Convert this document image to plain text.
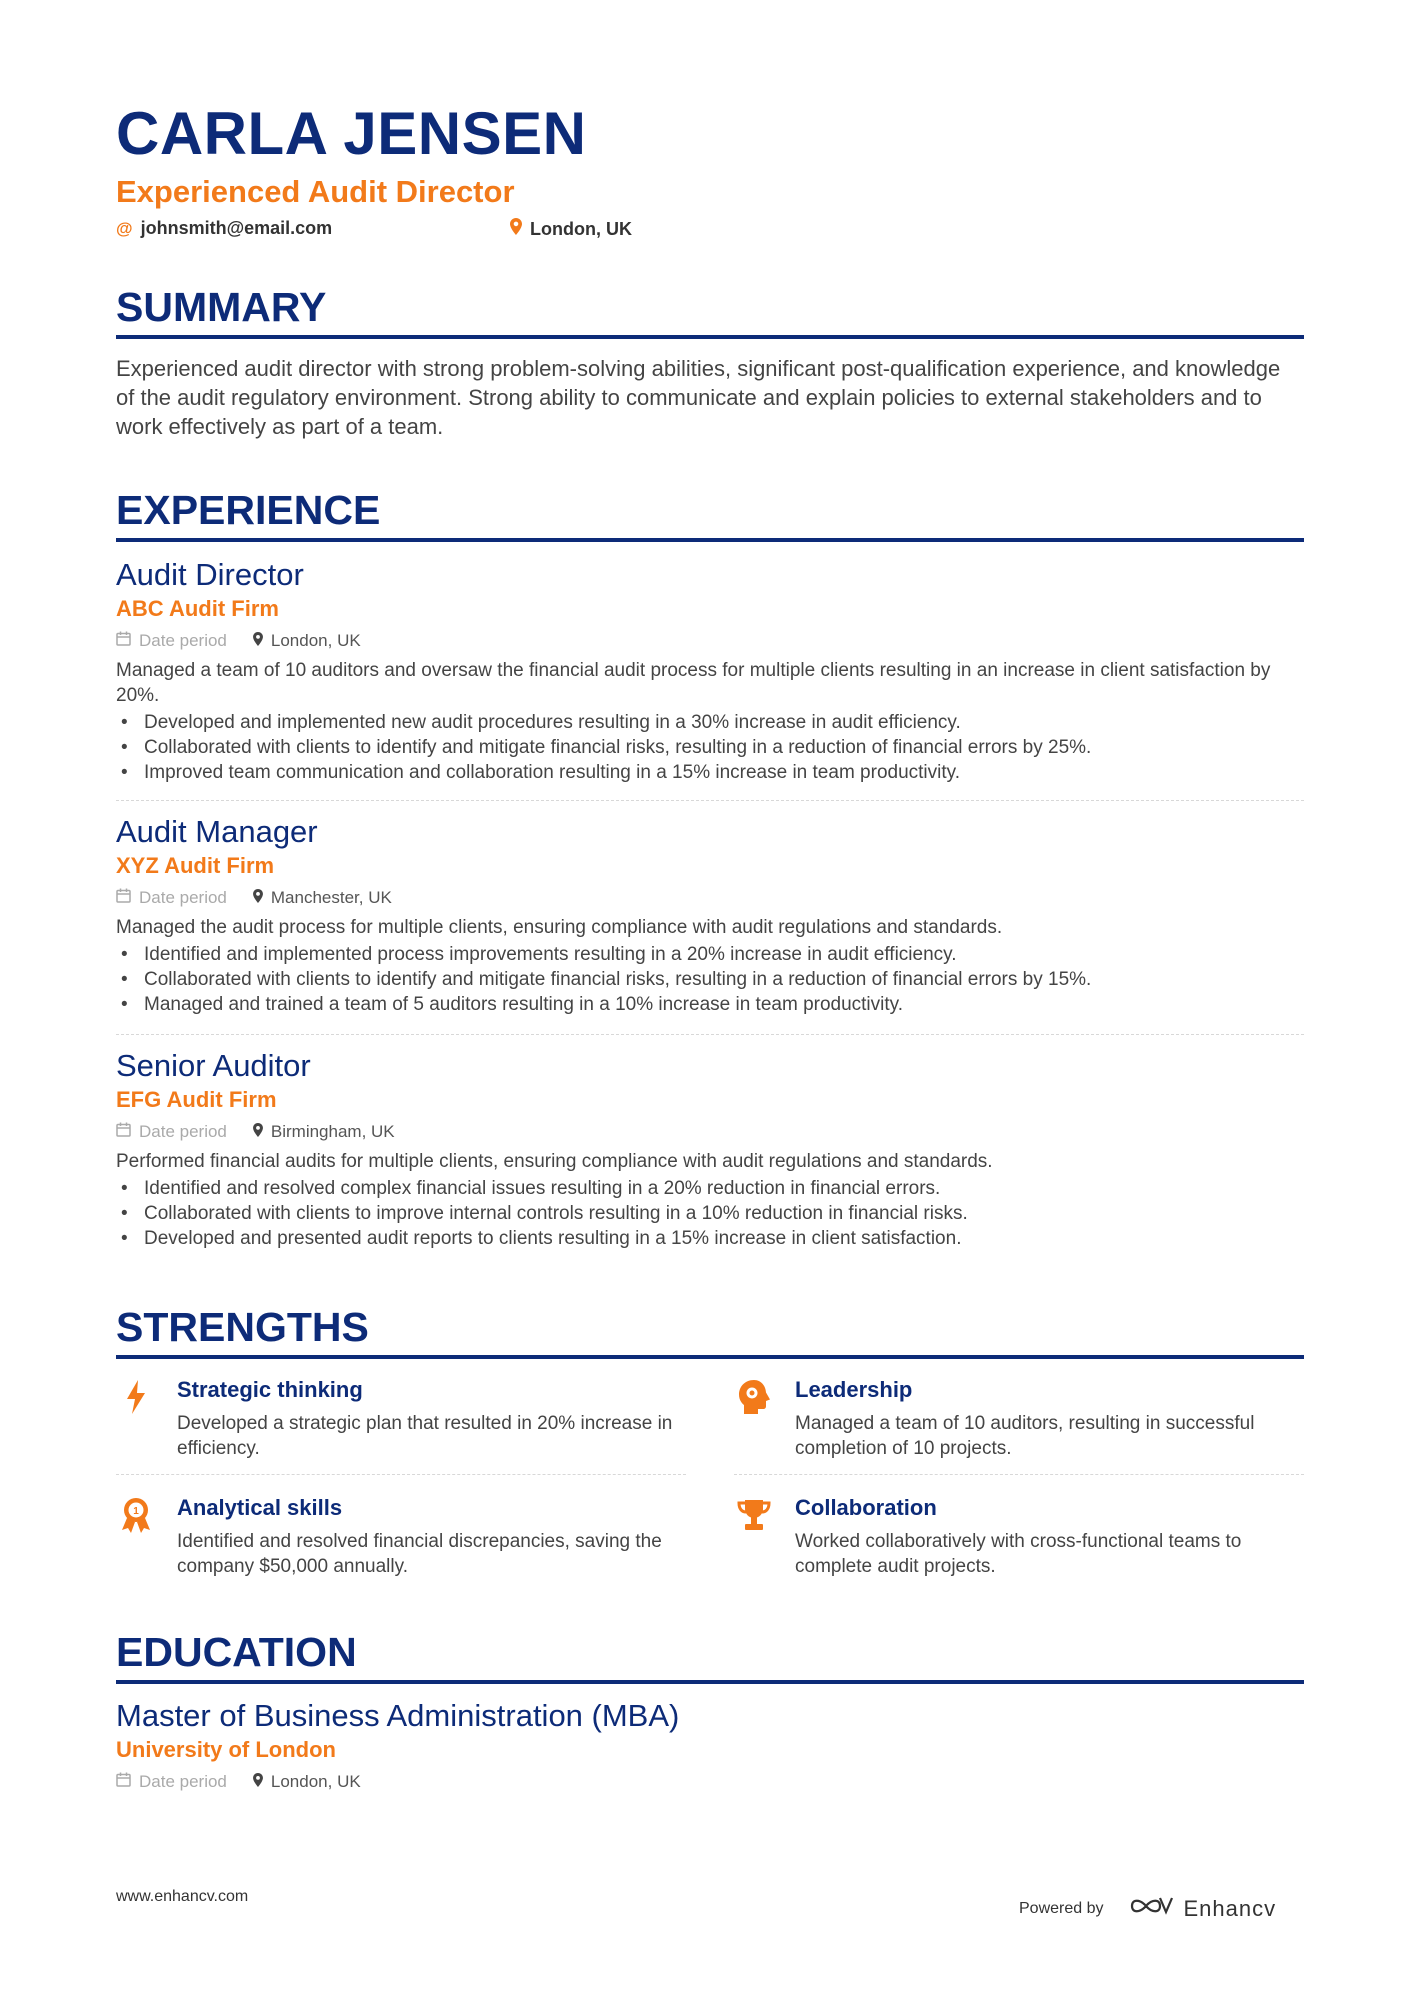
CARLA JENSEN
Experienced Audit Director
@ johnsmith@email.com	London, UK
SUMMARY
Experienced audit director with strong problem-solving abilities, significant post-qualification experience, and knowledge of the audit regulatory environment. Strong ability to communicate and explain policies to external stakeholders and to work effectively as part of a team.
EXPERIENCE
Audit Director
ABC Audit Firm
Date period	London, UK
Managed a team of 10 auditors and oversaw the financial audit process for multiple clients resulting in an increase in client satisfaction by 20%.
• Developed and implemented new audit procedures resulting in a 30% increase in audit efficiency.
• Collaborated with clients to identify and mitigate financial risks, resulting in a reduction of financial errors by 25%.
• Improved team communication and collaboration resulting in a 15% increase in team productivity.
Audit Manager
XYZ Audit Firm
Date period	Manchester, UK
Managed the audit process for multiple clients, ensuring compliance with audit regulations and standards.
• Identified and implemented process improvements resulting in a 20% increase in audit efficiency.
• Collaborated with clients to identify and mitigate financial risks, resulting in a reduction of financial errors by 15%.
• Managed and trained a team of 5 auditors resulting in a 10% increase in team productivity.
Senior Auditor
EFG Audit Firm
Date period	Birmingham, UK
Performed financial audits for multiple clients, ensuring compliance with audit regulations and standards.
• Identified and resolved complex financial issues resulting in a 20% reduction in financial errors.
• Collaborated with clients to improve internal controls resulting in a 10% reduction in financial risks.
• Developed and presented audit reports to clients resulting in a 15% increase in client satisfaction.
STRENGTHS
Strategic thinking
Developed a strategic plan that resulted in 20% increase in efficiency.
Leadership
Managed a team of 10 auditors, resulting in successful completion of 10 projects.
1 Analytical skills
Identified and resolved financial discrepancies, saving the company $50,000 annually.
Collaboration
Worked collaboratively with cross-functional teams to complete audit projects.
EDUCATION
Master of Business Administration (MBA)
University of London
Date period	London, UK
www.enhancv.com
Powered by	Enhancv
